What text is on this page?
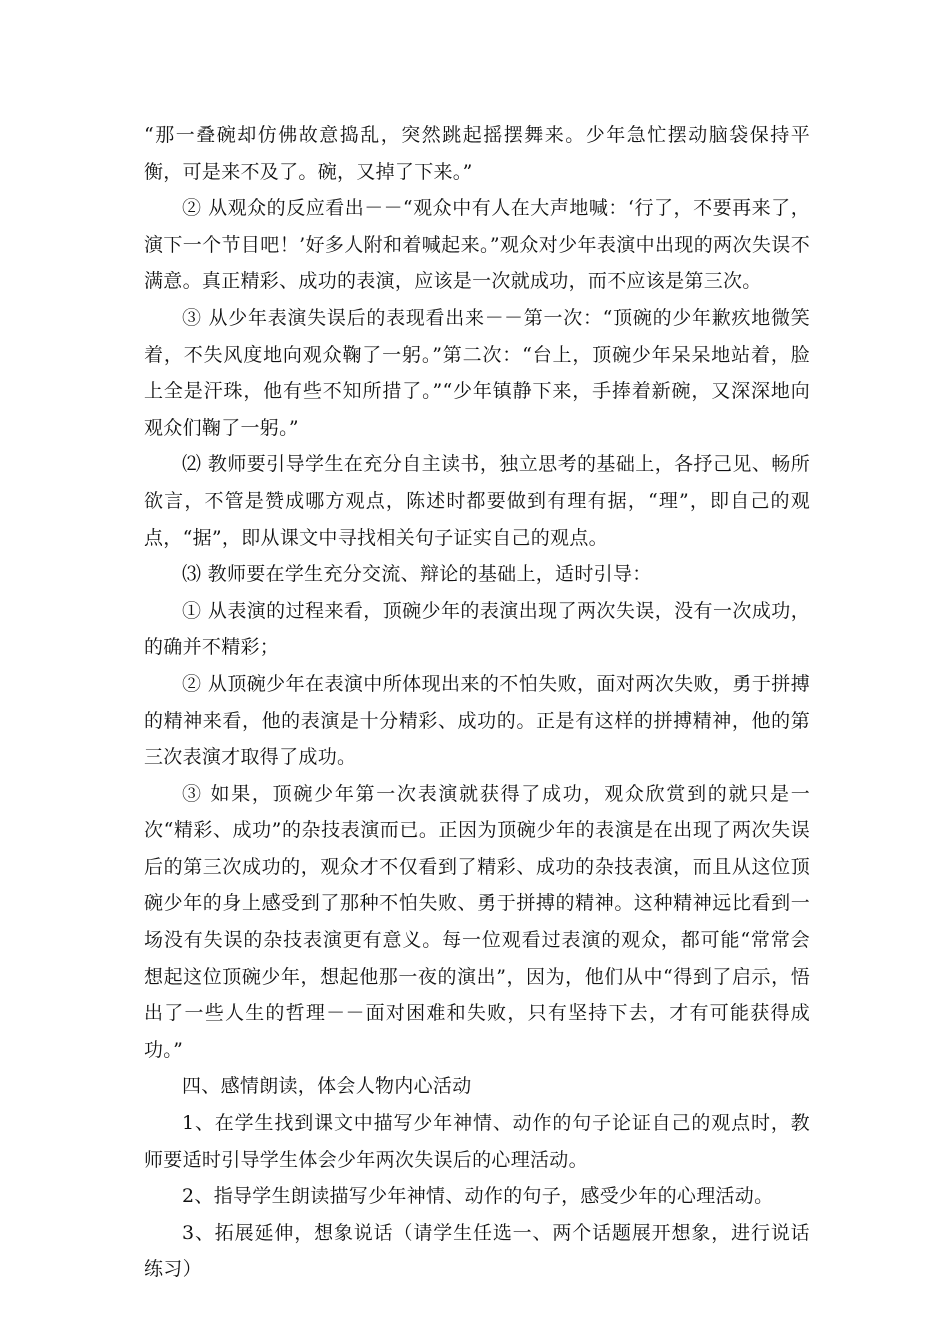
“那一叠碗却仿佛故意捣乱，突然跳起摇摆舞来。少年急忙摆动脑袋保持平衡，可是来不及了。碗，又掉了下来。”

② 从观众的反应看出－－“观众中有人在大声地喊：‘行了，不要再来了，演下一个节目吧！’好多人附和着喊起来。”观众对少年表演中出现的两次失误不满意。真正精彩、成功的表演，应该是一次就成功，而不应该是第三次。

③ 从少年表演失误后的表现看出来－－第一次：“顶碗的少年歉疚地微笑着，不失风度地向观众鞠了一躬。”第二次：“台上，顶碗少年呆呆地站着，脸上全是汗珠，他有些不知所措了。”“少年镇静下来，手捧着新碗，又深深地向观众们鞠了一躬。”

⑵ 教师要引导学生在充分自主读书，独立思考的基础上，各抒己见、畅所欲言，不管是赞成哪方观点，陈述时都要做到有理有据，“理”，即自己的观点，“据”，即从课文中寻找相关句子证实自己的观点。

⑶ 教师要在学生充分交流、辩论的基础上，适时引导：

① 从表演的过程来看，顶碗少年的表演出现了两次失误，没有一次成功，的确并不精彩；

② 从顶碗少年在表演中所体现出来的不怕失败，面对两次失败，勇于拼搏的精神来看，他的表演是十分精彩、成功的。正是有这样的拼搏精神，他的第三次表演才取得了成功。

③ 如果，顶碗少年第一次表演就获得了成功，观众欣赏到的就只是一次“精彩、成功”的杂技表演而已。正因为顶碗少年的表演是在出现了两次失误后的第三次成功的，观众才不仅看到了精彩、成功的杂技表演，而且从这位顶碗少年的身上感受到了那种不怕失败、勇于拼搏的精神。这种精神远比看到一场没有失误的杂技表演更有意义。每一位观看过表演的观众，都可能“常常会想起这位顶碗少年，想起他那一夜的演出”，因为，他们从中“得到了启示，悟出了一些人生的哲理－－面对困难和失败，只有坚持下去，才有可能获得成功。”

四、感情朗读，体会人物内心活动

1、在学生找到课文中描写少年神情、动作的句子论证自己的观点时，教师要适时引导学生体会少年两次失误后的心理活动。

2、指导学生朗读描写少年神情、动作的句子，感受少年的心理活动。

3、拓展延伸，想象说话（请学生任选一、两个话题展开想象，进行说话练习）
